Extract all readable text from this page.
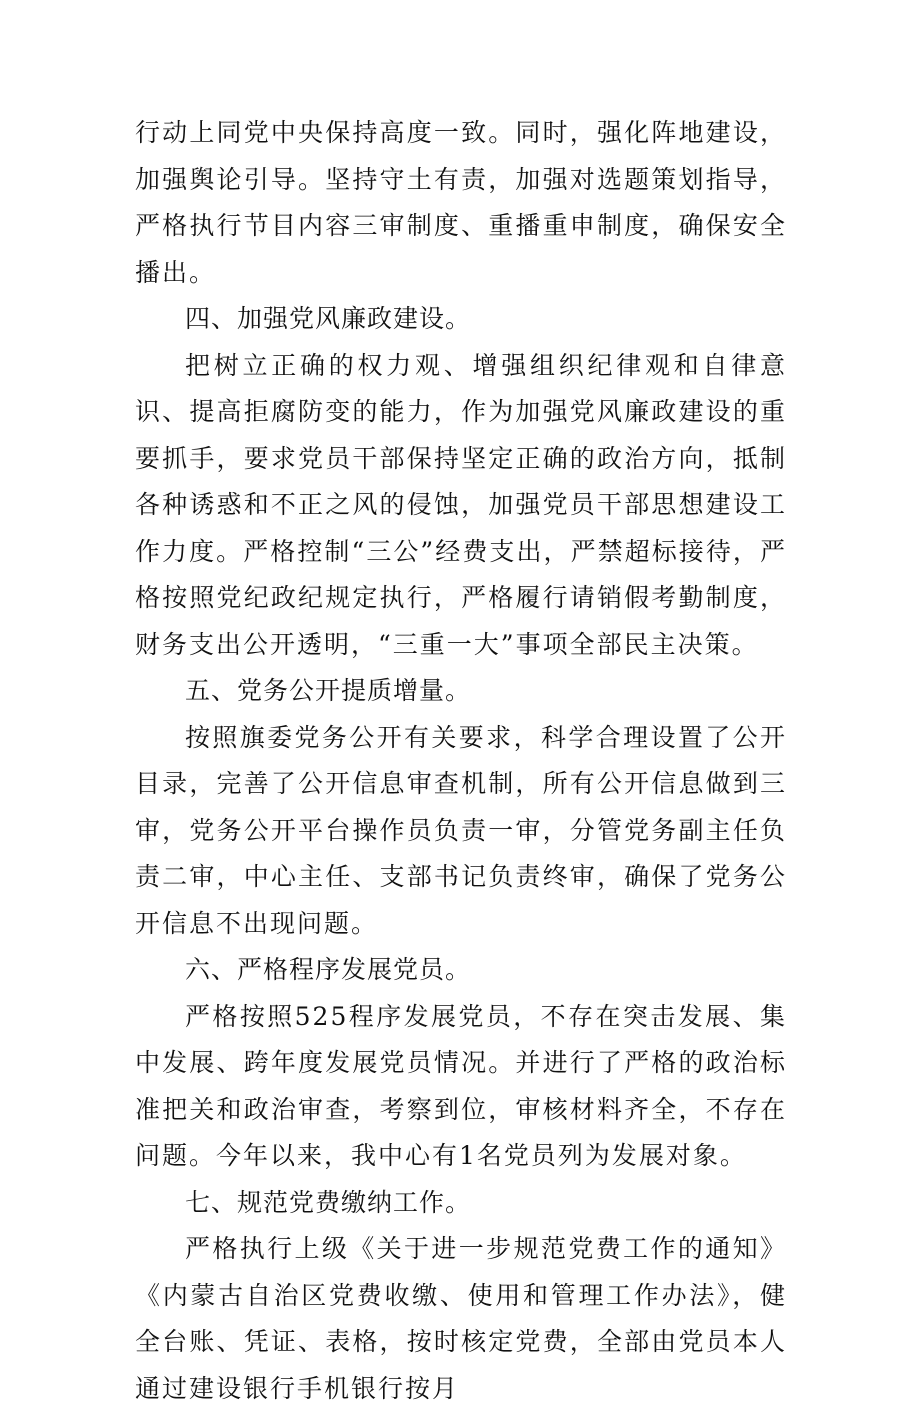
行动上同党中央保持高度一致。同时，强化阵地建设，加强舆论引导。坚持守土有责，加强对选题策划指导，严格执行节目内容三审制度、重播重申制度，确保安全播出。

四、加强党风廉政建设。

把树立正确的权力观、增强组织纪律观和自律意识、提高拒腐防变的能力，作为加强党风廉政建设的重要抓手，要求党员干部保持坚定正确的政治方向，抵制各种诱惑和不正之风的侵蚀，加强党员干部思想建设工作力度。严格控制“三公”经费支出，严禁超标接待，严格按照党纪政纪规定执行，严格履行请销假考勤制度，财务支出公开透明，“三重一大”事项全部民主决策。

五、党务公开提质增量。

按照旗委党务公开有关要求，科学合理设置了公开目录，完善了公开信息审查机制，所有公开信息做到三审，党务公开平台操作员负责一审，分管党务副主任负责二审，中心主任、支部书记负责终审，确保了党务公开信息不出现问题。

六、严格程序发展党员。

严格按照525程序发展党员，不存在突击发展、集中发展、跨年度发展党员情况。并进行了严格的政治标准把关和政治审查，考察到位，审核材料齐全，不存在问题。今年以来，我中心有1名党员列为发展对象。

七、规范党费缴纳工作。

严格执行上级《关于进一步规范党费工作的通知》《内蒙古自治区党费收缴、使用和管理工作办法》，健全台账、凭证、表格，按时核定党费，全部由党员本人通过建设银行手机银行按月
